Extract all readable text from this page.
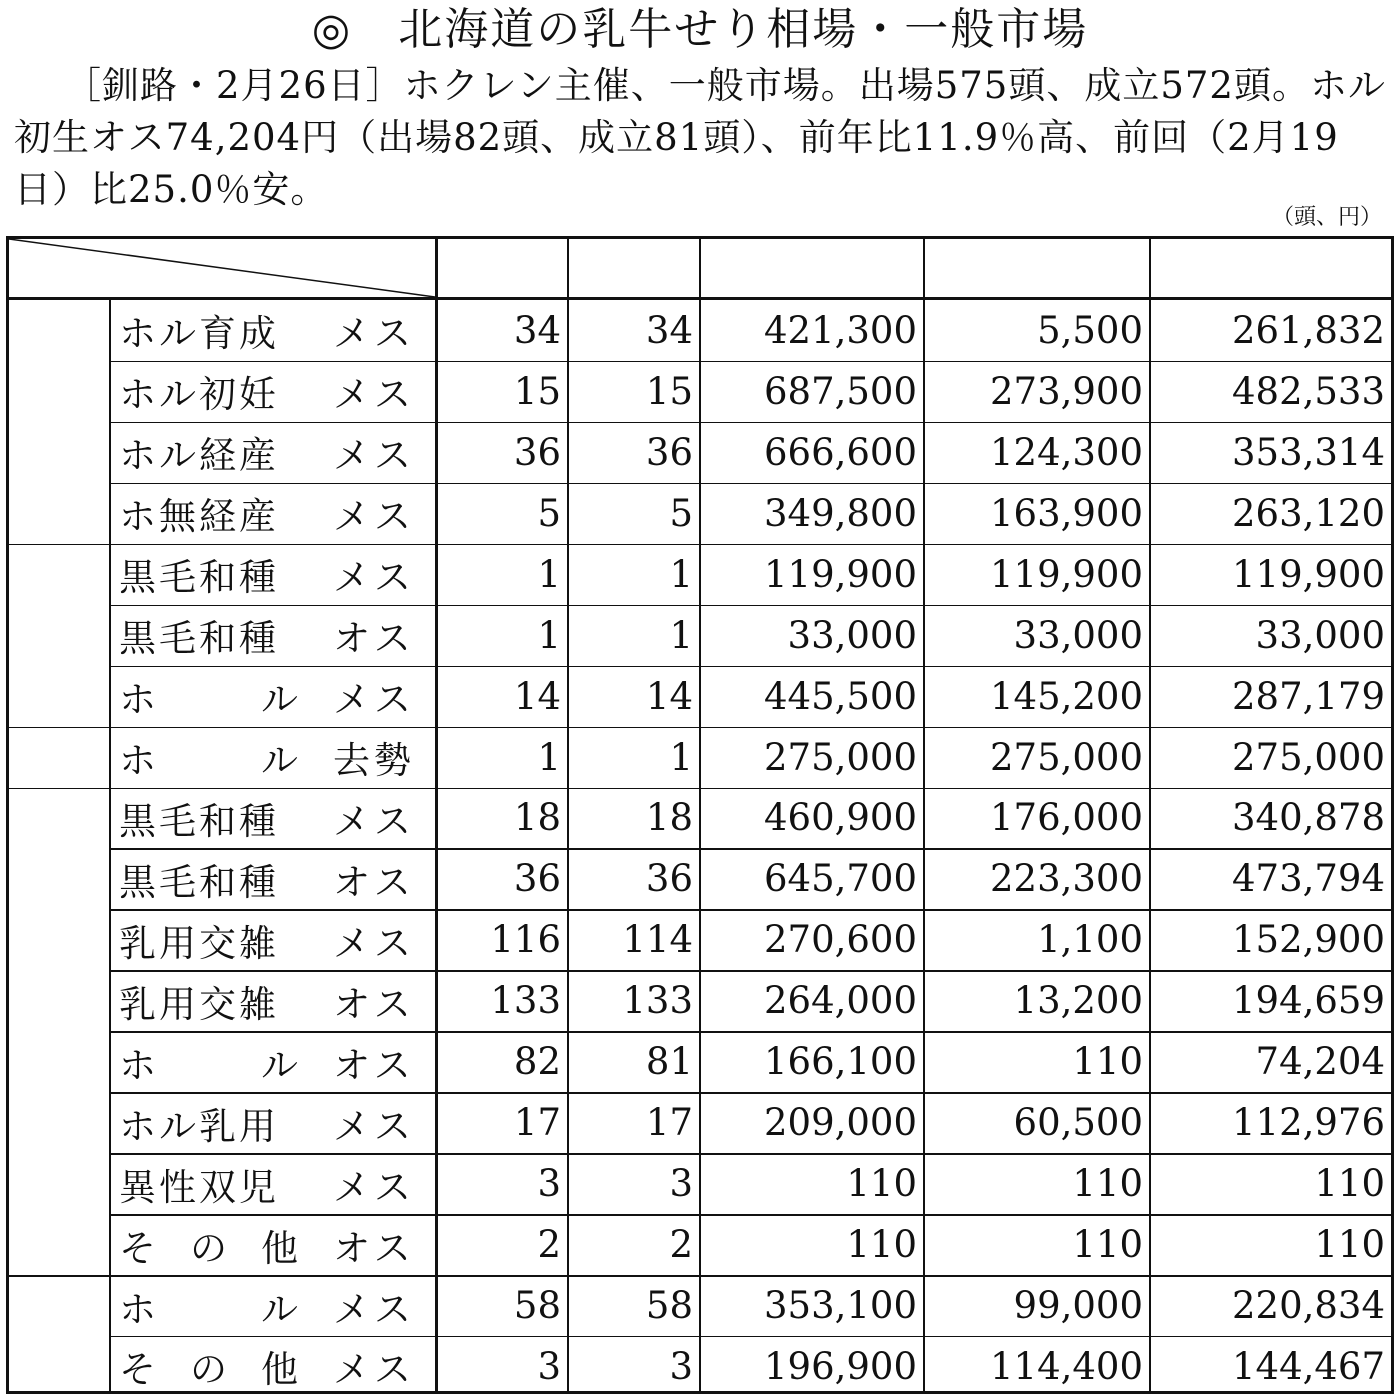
◎　北海道の乳牛せり相場・一般市場
［釧路・2月26日］ホクレン主催、一般市場。出場575頭、成立572頭。ホル初生オス74,204円（出場82頭、成立81頭）、前年比11.9％高、前回（2月19日）比25.0％安。
（頭、円）
ホル育成	メス	34	34	421,300	5,500	261,832
ホル初妊	メス	15	15	687,500	273,900	482,533
ホル経産	メス	36	36	666,600	124,300	353,314
ホ無経産	メス	5	5	349,800	163,900	263,120
黒毛和種	メス	1	1	119,900	119,900	119,900
黒毛和種	オス	1	1	33,000	33,000	33,000
ホ	ル メス	14	14	445,500	145,200	287,179
ホ	ル 去勢	1	1	275,000	275,000	275,000
黒毛和種	メス	18	18	460,900	176,000	340,878
黒毛和種	オス	36	36	645,700	223,300	473,794
乳用交雑	メス	116	114	270,600	1,100	152,900
乳用交雑	オス	133	133	264,000	13,200	194,659
ホ	ル オス	82	81	166,100	110	74,204
ホル乳用	メス	17	17	209,000	60,500	112,976
異性双児	メス	3	3	110	110	110
そ の 他 オス	2	2	110	110	110
ホ	ル メス	58	58	353,100	99,000	220,834
そ の 他 メス	3	3	196,900	114,400	144,467
